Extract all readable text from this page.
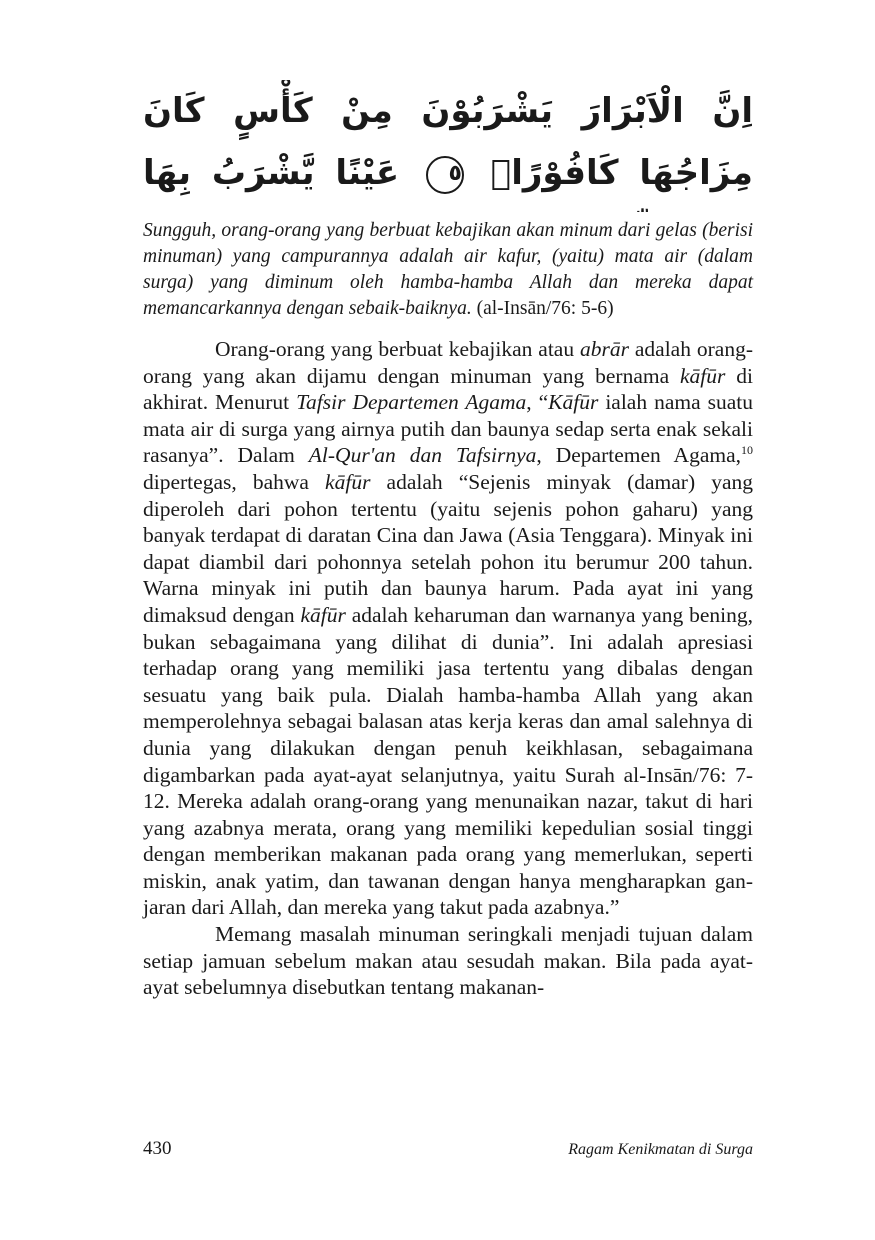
اِنَّ الْاَبْرَارَ يَشْرَبُوْنَ مِنْ كَأْسٍ كَانَ مِزَاجُهَا كَافُوْرًاۚ ٥ عَيْنًا يَّشْرَبُ بِهَا

Sungguh, orang-orang yang berbuat kebajikan akan minum dari gelas (berisi minuman) yang campurannya adalah air kafur, (yaitu) mata air (dalam surga) yang diminum oleh hamba-hamba Allah dan mereka dapat memancarkannya dengan sebaik-baiknya. (al-Insān/76: 5-6)

Orang-orang yang berbuat kebajikan atau abrār adalah orang-orang yang akan dijamu dengan minuman yang bernama kāfūr di akhirat. Menurut Tafsir Departemen Agama, “Kāfūr ialah nama suatu mata air di surga yang airnya putih dan baunya sedap serta enak sekali rasanya”. Dalam Al-Qur'an dan Tafsirnya, Departemen Agama,$^{10}$ dipertegas, bahwa kāfūr adalah “Sejenis minyak (damar) yang diperoleh dari pohon tertentu (yaitu sejenis pohon gaharu) yang banyak terdapat di daratan Cina dan Jawa (Asia Tenggara). Minyak ini dapat diambil dari pohonnya setelah pohon itu berumur 200 tahun. Warna minyak ini putih dan baunya harum. Pada ayat ini yang dimaksud dengan kāfūr adalah keharuman dan warnanya yang bening, bukan sebagaimana yang dilihat di dunia”. Ini adalah apresiasi terhadap orang yang memiliki jasa tertentu yang dibalas dengan sesuatu yang baik pula. Dialah hamba-hamba Allah yang akan memperolehnya sebagai balasan atas kerja keras dan amal salehnya di dunia yang dilakukan dengan penuh keikhlasan, sebagaimana digambarkan pada ayat-ayat selanjutnya, yaitu Surah al-Insān/76: 7-12. Mereka adalah orang-orang yang menunaikan nazar, takut di hari yang azabnya merata, orang yang memiliki kepedulian sosial tinggi dengan memberikan makanan pada orang yang memerlukan, seperti miskin, anak yatim, dan tawanan dengan hanya mengharapkan ganjaran dari Allah, dan mereka yang takut pada azabnya.”

Memang masalah minuman seringkali menjadi tujuan dalam setiap jamuan sebelum makan atau sesudah makan. Bila pada ayat-ayat sebelumnya disebutkan tentang makanan-

430	Ragam Kenikmatan di Surga
